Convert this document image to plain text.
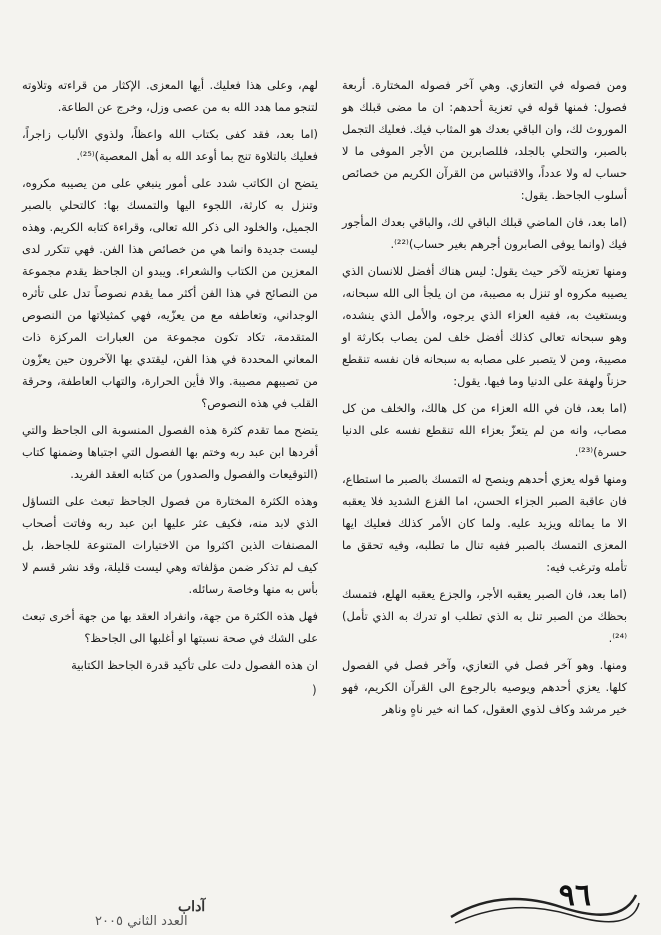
ومن فصوله في التعازي. وهي آخر فصوله المختارة. أربعة فصول: فمنها قوله في تعزية أحدهم: ان ما مضى قبلك هو الموروث لك، وان الباقي بعدك هو المثاب فيك. فعليك التجمل بالصبر، والتحلي بالجلد، فللصابرين من الأجر الموفى ما لا حساب له ولا عدداً، والاقتباس من القرآن الكريم من خصائص أسلوب الجاحظ. يقول:

(اما بعد، فان الماضي قبلك الباقي لك، والباقي بعدك المأجور فيك (وانما يوفى الصابرون أجرهم بغير حساب)⁽²²⁾.

ومنها تعزيته لآخر حيث يقول: ليس هناك أفضل للانسان الذي يصيبه مكروه او تنزل به مصيبة، من ان يلجأ الى الله سبحانه، ويستغيث به، ففيه العزاء الذي يرجوه، والأمل الذي ينشده، وهو سبحانه تعالى كذلك أفضل خلف لمن يصاب بكارثة او مصيبة، ومن لا يتصبر على مصابه به سبحانه فان نفسه تنقطع حزناً ولهفة على الدنيا وما فيها. يقول:

(اما بعد، فان في الله العزاء من كل هالك، والخلف من كل مصاب، وانه من لم يتعزّ بعزاء الله تنقطع نفسه على الدنيا حسرة)⁽²³⁾.

ومنها قوله يعزي أحدهم وينصح له التمسك بالصبر ما استطاع، فان عاقبة الصبر الجزاء الحسن، اما الفزع الشديد فلا يعقبه الا ما يماثله ويزيد عليه. ولما كان الأمر كذلك فعليك ايها المعزى التمسك بالصبر ففيه تنال ما تطلبه، وفيه تحقق ما تأمله وترغب فيه:

(اما بعد، فان الصبر يعقبه الأجر، والجزع يعقبه الهلع، فتمسك بحظك من الصبر تنل به الذي تطلب او تدرك به الذي تأمل)⁽²⁴⁾.

ومنها. وهو آخر فصل في التعازي، وآخر فصل في الفصول كلها. يعزي أحدهم ويوصيه بالرجوع الى القرآن الكريم، فهو خير مرشد وكاف لذوي العقول، كما انه خير ناهٍ وناهر

لهم، وعلى هذا فعليك. أيها المعزى. الإكثار من قراءته وتلاوته لتنجو مما هدد الله به من عصى وزل، وخرج عن الطاعة.

(اما بعد، فقد كفى بكتاب الله واعظاً، ولذوي الألباب زاجراً، فعليك بالتلاوة تنج بما أوعد الله به أهل المعصية)⁽²⁵⁾.

يتضح ان الكاتب شدد على أمور ينبغي على من يصيبه مكروه، وتنزل به كارثة، اللجوء اليها والتمسك بها: كالتحلي بالصبر الجميل، والخلود الى ذكر الله تعالى، وقراءة كتابه الكريم. وهذه ليست جديدة وانما هي من خصائص هذا الفن. فهي تتكرر لدى المعزين من الكتاب والشعراء. ويبدو ان الجاحظ يقدم مجموعة من النصائح في هذا الفن أكثر مما يقدم نصوصاً تدل على تأثره الوجداني، وتعاطفه مع من يعزّيه، فهي كمثيلاتها من النصوص المتقدمة، تكاد تكون مجموعة من العبارات المركزة ذات المعاني المحددة في هذا الفن، ليقتدي بها الآخرون حين يعزّون من تصيبهم مصيبة. والا فأين الحرارة، والتهاب العاطفة، وحرقة القلب في هذه النصوص؟

يتضح مما تقدم كثرة هذه الفصول المنسوبة الى الجاحظ والتي أفردها ابن عبد ربه وختم بها الفصول التي اجتباها وضمنها كتاب (التوقيعات والفصول والصدور) من كتابه العقد الفريد.

وهذه الكثرة المختارة من فصول الجاحظ تبعث على التساؤل الذي لابد منه، فكيف عثر عليها ابن عبد ربه وفاتت أصحاب المصنفات الذين اكثروا من الاختيارات المتنوعة للجاحظ، بل كيف لم تذكر ضمن مؤلفاته وهي ليست قليلة، وقد نشر قسم لا بأس به منها وخاصة رسائله.

فهل هذه الكثرة من جهة، وانفراد العقد بها من جهة أخرى تبعث على الشك في صحة نسبتها او أغلبها الى الجاحظ؟

ان هذه الفصول دلت على تأكيد قدرة الجاحظ الكتابية

(
٩٦
آداب
العدد الثاني ٢٠٠٥
